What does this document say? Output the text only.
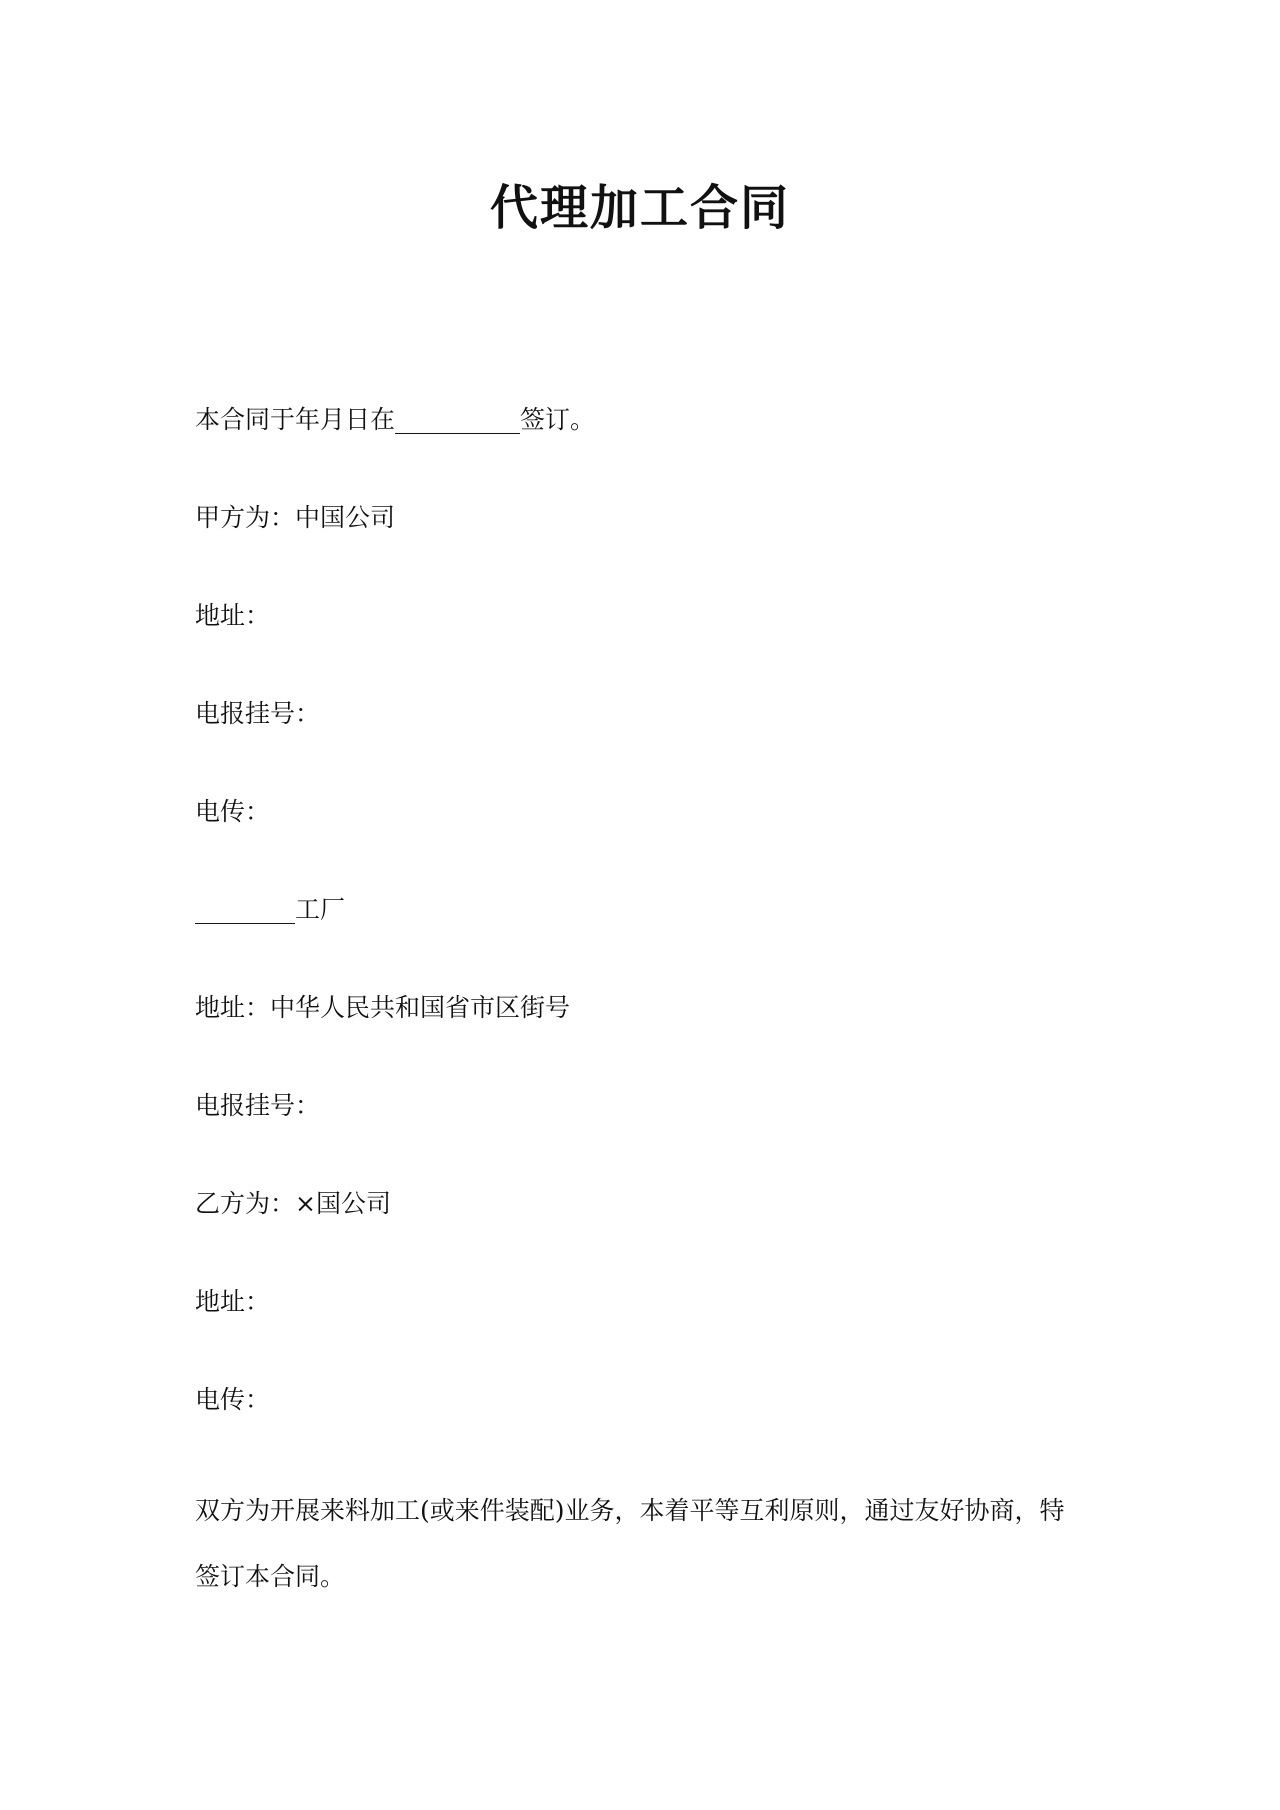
代理加工合同

本合同于年月日在__________签订。

甲方为：中国公司

地址：

电报挂号：

电传：

________工厂

地址：中华人民共和国省市区街号

电报挂号：

乙方为：×国公司

地址：

电传：

双方为开展来料加工(或来件装配)业务，本着平等互利原则，通过友好协商，特签订本合同。
